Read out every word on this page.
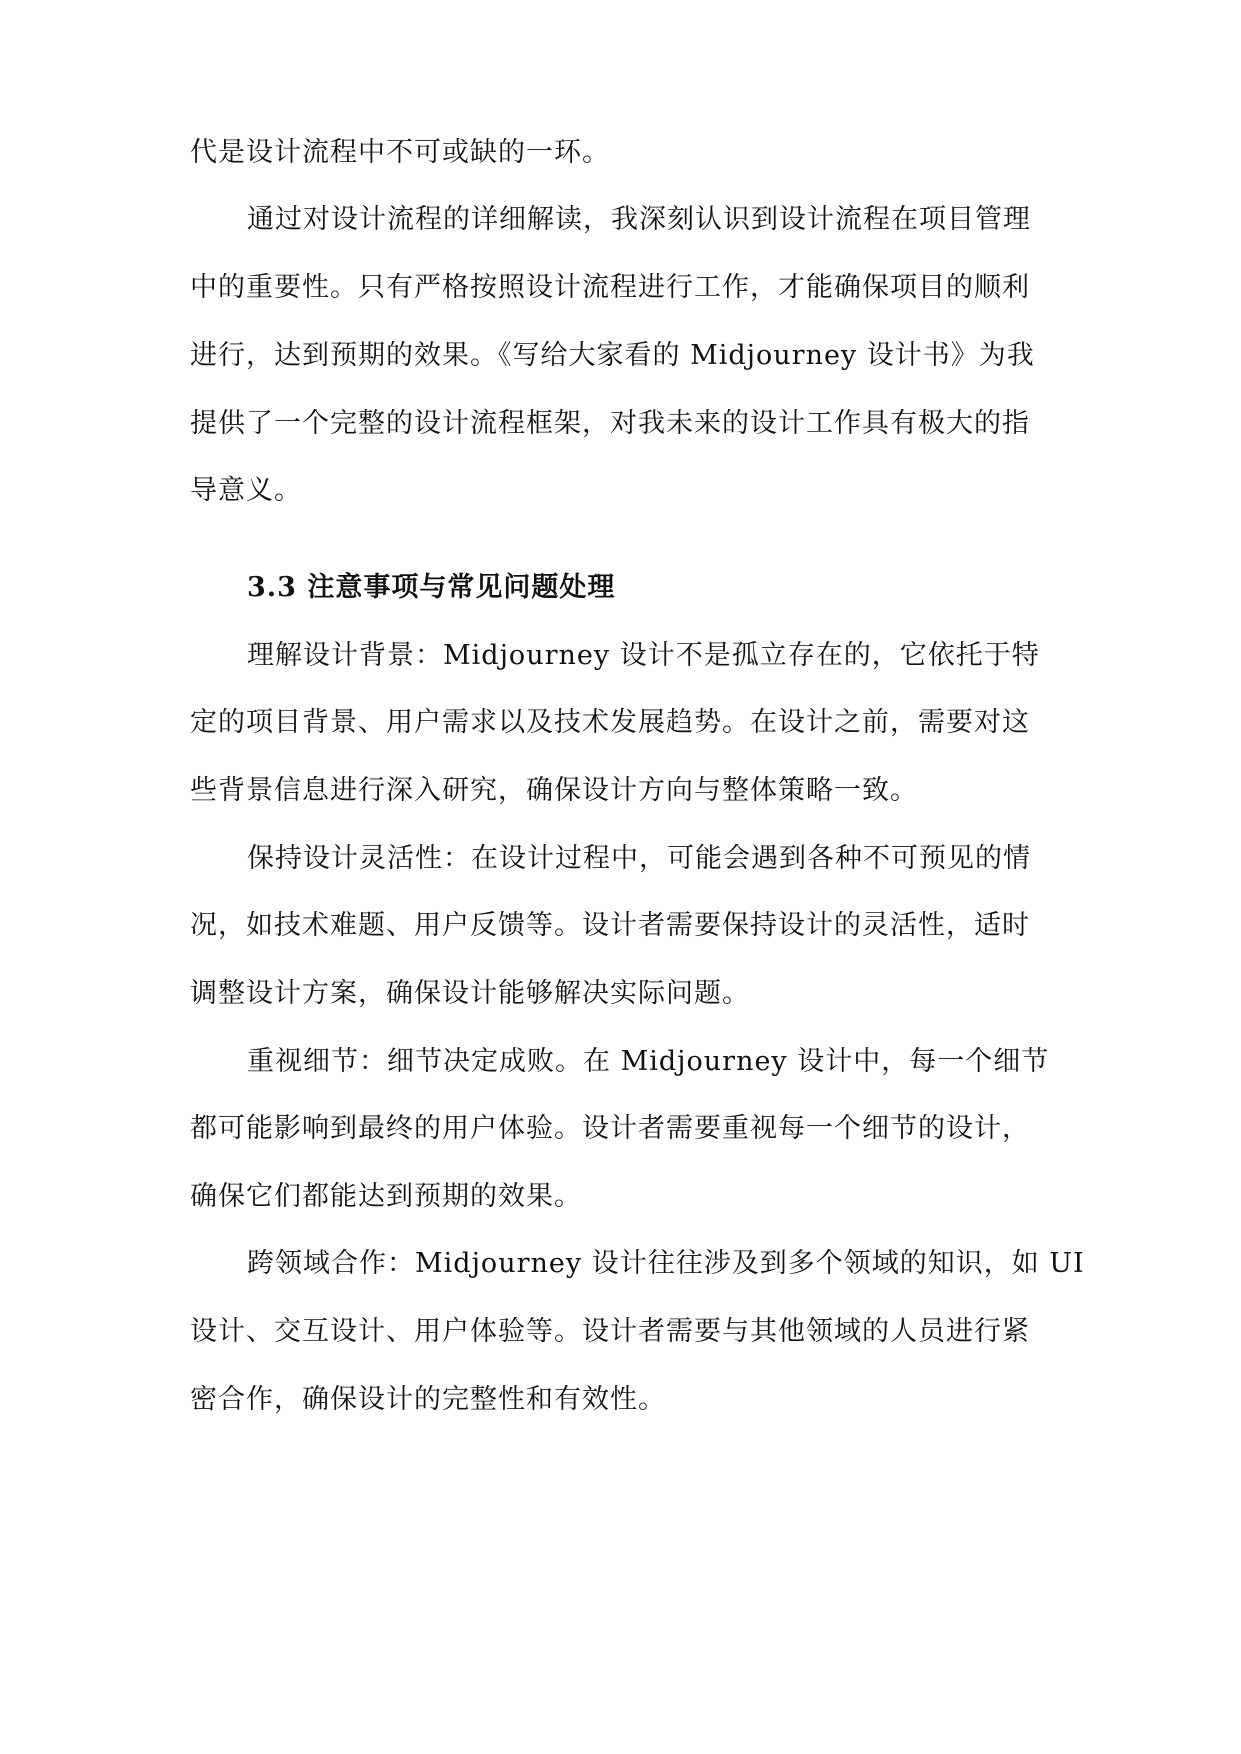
代是设计流程中不可或缺的一环。
通过对设计流程的详细解读，我深刻认识到设计流程在项目管理
中的重要性。只有严格按照设计流程进行工作，才能确保项目的顺利
进行，达到预期的效果。《写给大家看的 Midjourney 设计书》为我
提供了一个完整的设计流程框架，对我未来的设计工作具有极大的指
导意义。
3.3 注意事项与常见问题处理
理解设计背景：Midjourney 设计不是孤立存在的，它依托于特
定的项目背景、用户需求以及技术发展趋势。在设计之前，需要对这
些背景信息进行深入研究，确保设计方向与整体策略一致。
保持设计灵活性：在设计过程中，可能会遇到各种不可预见的情
况，如技术难题、用户反馈等。设计者需要保持设计的灵活性，适时
调整设计方案，确保设计能够解决实际问题。
重视细节：细节决定成败。在 Midjourney 设计中，每一个细节
都可能影响到最终的用户体验。设计者需要重视每一个细节的设计，
确保它们都能达到预期的效果。
跨领域合作：Midjourney 设计往往涉及到多个领域的知识，如 UI
设计、交互设计、用户体验等。设计者需要与其他领域的人员进行紧
密合作，确保设计的完整性和有效性。
